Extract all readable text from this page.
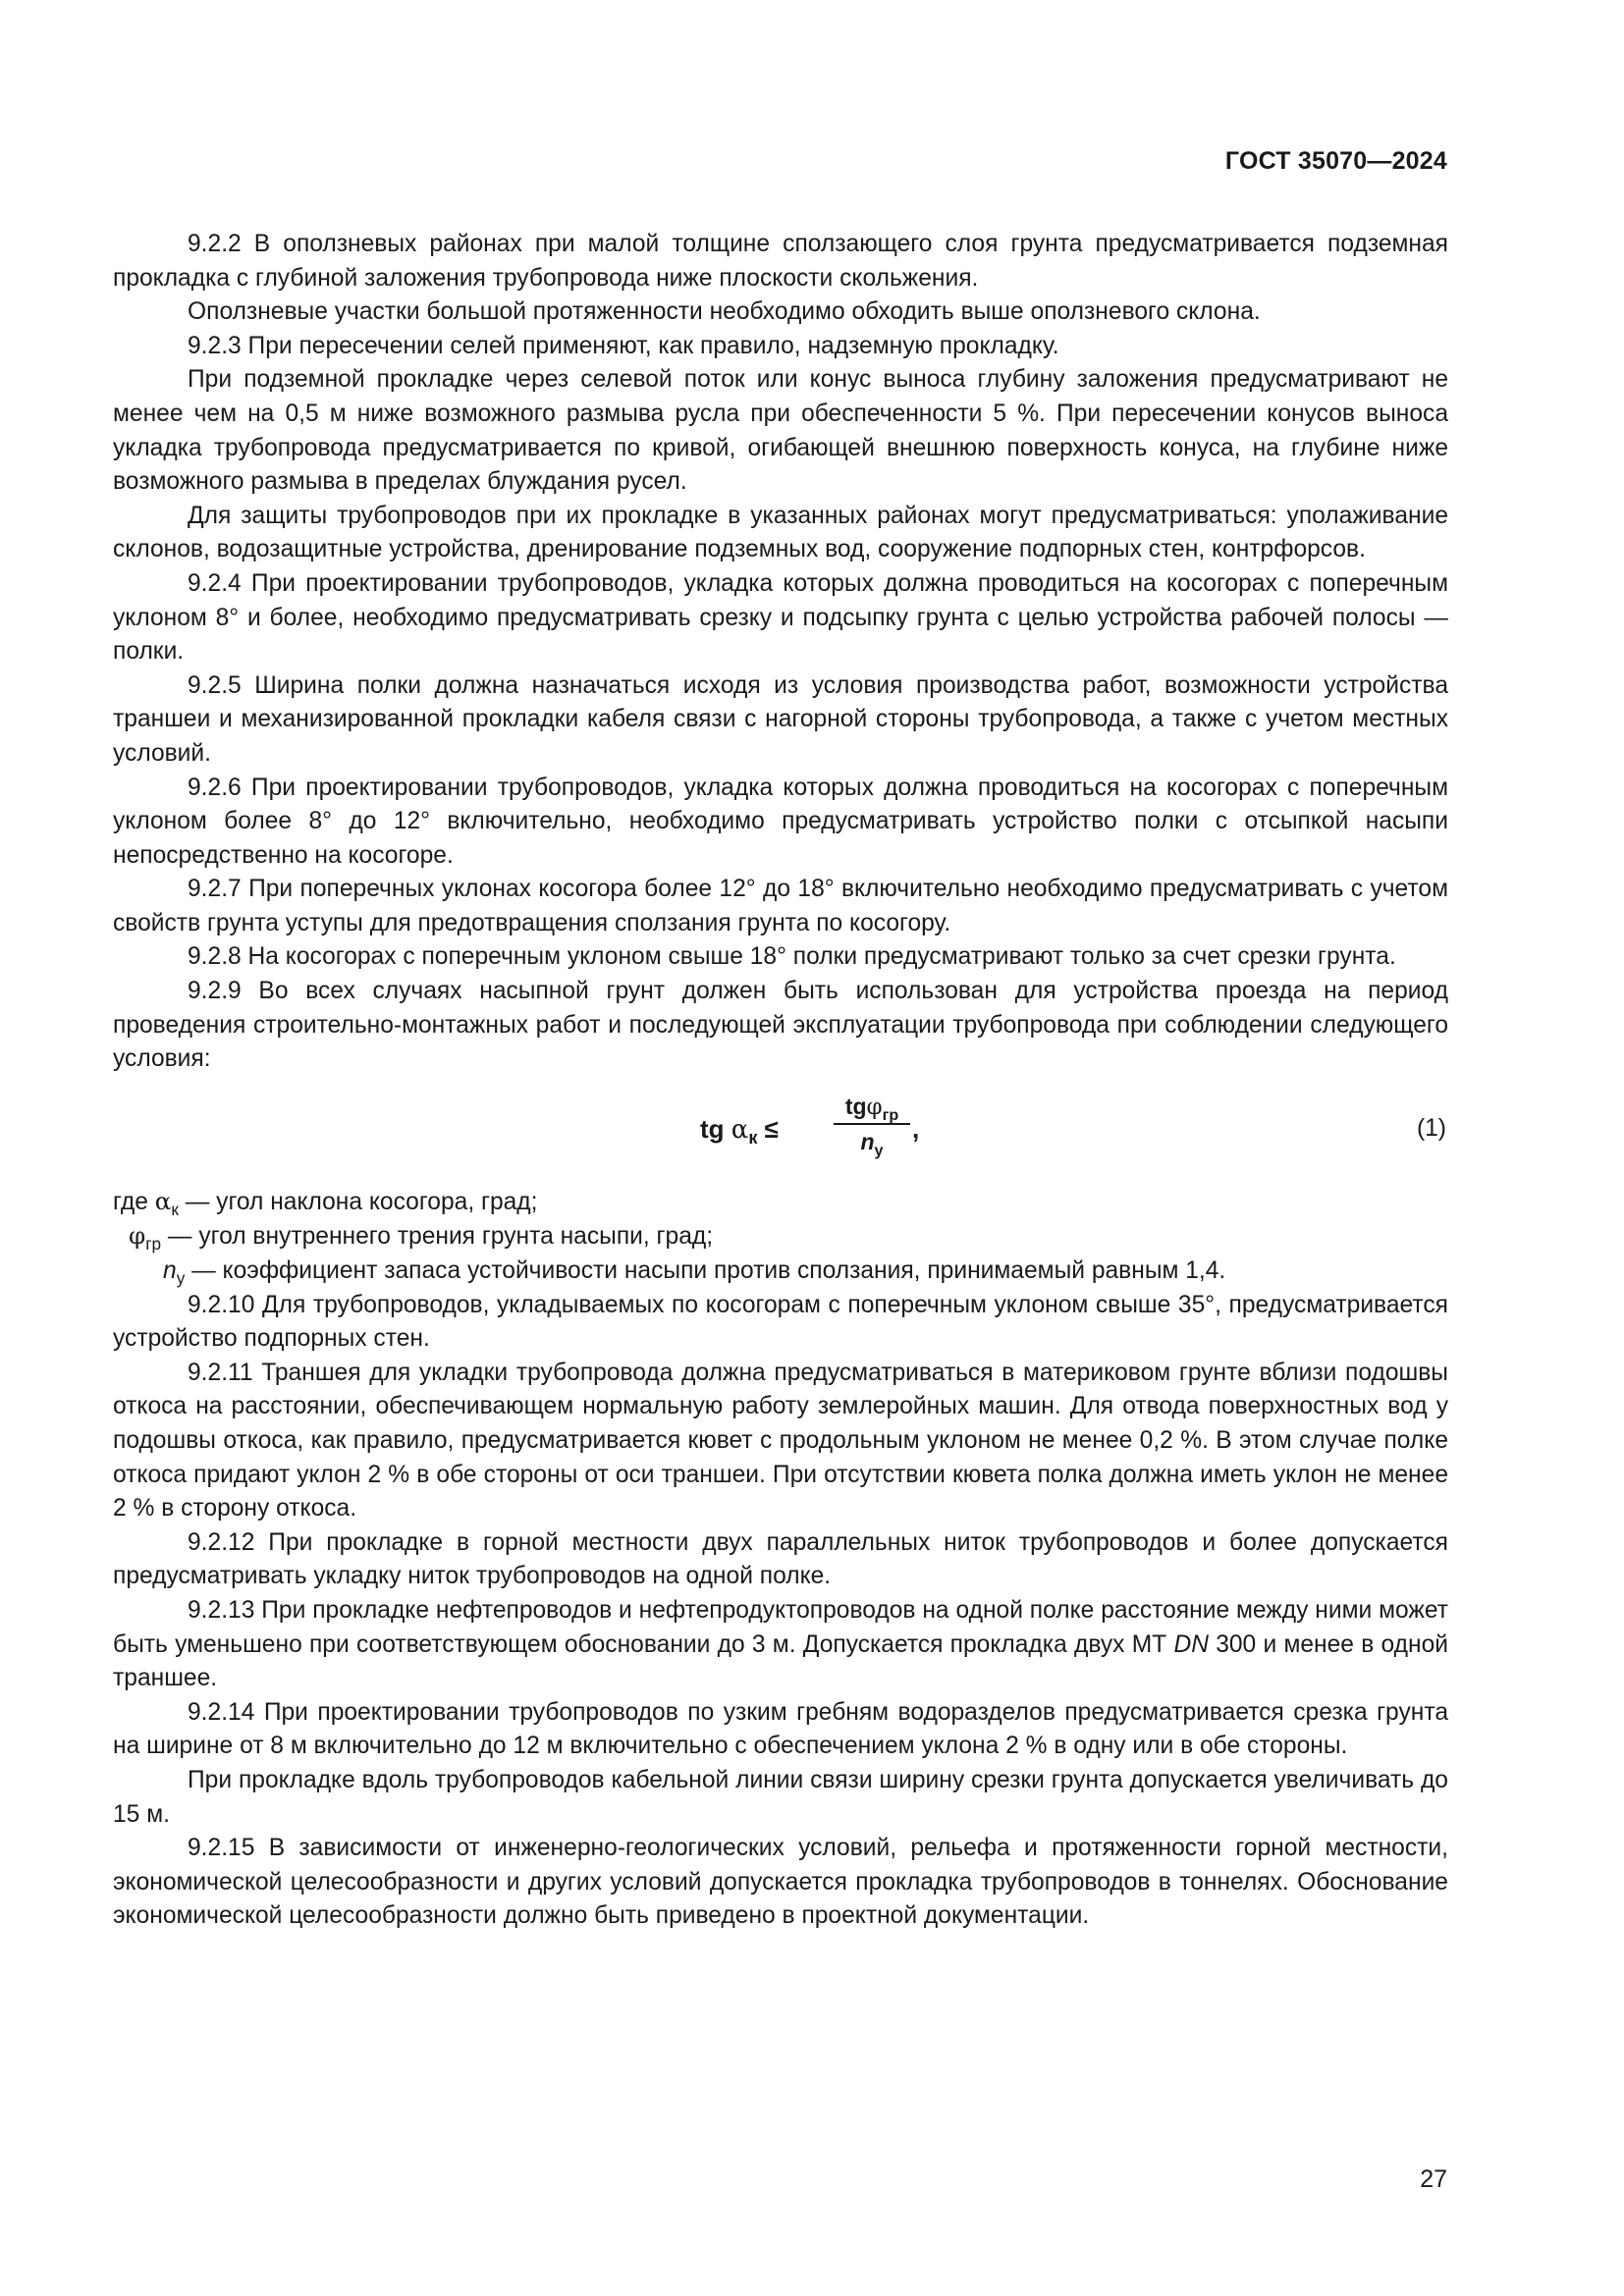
ГОСТ 35070—2024

9.2.2 В оползневых районах при малой толщине сползающего слоя грунта предусматривается подземная прокладка с глубиной заложения трубопровода ниже плоскости скольжения.

Оползневые участки большой протяженности необходимо обходить выше оползневого склона.

9.2.3 При пересечении селей применяют, как правило, надземную прокладку.

При подземной прокладке через селевой поток или конус выноса глубину заложения предусматривают не менее чем на 0,5 м ниже возможного размыва русла при обеспеченности 5 %. При пересечении конусов выноса укладка трубопровода предусматривается по кривой, огибающей внешнюю поверхность конуса, на глубине ниже возможного размыва в пределах блуждания русел.

Для защиты трубопроводов при их прокладке в указанных районах могут предусматриваться: уполаживание склонов, водозащитные устройства, дренирование подземных вод, сооружение подпорных стен, контрфорсов.

9.2.4 При проектировании трубопроводов, укладка которых должна проводиться на косогорах с поперечным уклоном 8° и более, необходимо предусматривать срезку и подсыпку грунта с целью устройства рабочей полосы — полки.

9.2.5 Ширина полки должна назначаться исходя из условия производства работ, возможности устройства траншеи и механизированной прокладки кабеля связи с нагорной стороны трубопровода, а также с учетом местных условий.

9.2.6 При проектировании трубопроводов, укладка которых должна проводиться на косогорах с поперечным уклоном более 8° до 12° включительно, необходимо предусматривать устройство полки с отсыпкой насыпи непосредственно на косогоре.

9.2.7 При поперечных уклонах косогора более 12° до 18° включительно необходимо предусматривать с учетом свойств грунта уступы для предотвращения сползания грунта по косогору.

9.2.8 На косогорах с поперечным уклоном свыше 18° полки предусматривают только за счет срезки грунта.

9.2.9 Во всех случаях насыпной грунт должен быть использован для устройства проезда на период проведения строительно-монтажных работ и последующей эксплуатации трубопровода при соблюдении следующего условия:

tg $\alpha_к$ ≤
tgφ$_{гр}$
$n_у$
,	(1)

где $\alpha_к$ — угол наклона косогора, град;

$\varphi_{гр}$ — угол внутреннего трения грунта насыпи, град;

$n_у$ — коэффициент запаса устойчивости насыпи против сползания, принимаемый равным 1,4.

9.2.10 Для трубопроводов, укладываемых по косогорам с поперечным уклоном свыше 35°, предусматривается устройство подпорных стен.

9.2.11 Траншея для укладки трубопровода должна предусматриваться в материковом грунте вблизи подошвы откоса на расстоянии, обеспечивающем нормальную работу землеройных машин. Для отвода поверхностных вод у подошвы откоса, как правило, предусматривается кювет с продольным уклоном не менее 0,2 %. В этом случае полке откоса придают уклон 2 % в обе стороны от оси траншеи. При отсутствии кювета полка должна иметь уклон не менее 2 % в сторону откоса.

9.2.12 При прокладке в горной местности двух параллельных ниток трубопроводов и более допускается предусматривать укладку ниток трубопроводов на одной полке.

9.2.13 При прокладке нефтепроводов и нефтепродуктопроводов на одной полке расстояние между ними может быть уменьшено при соответствующем обосновании до 3 м. Допускается прокладка двух МТ DN 300 и менее в одной траншее.

9.2.14 При проектировании трубопроводов по узким гребням водоразделов предусматривается срезка грунта на ширине от 8 м включительно до 12 м включительно с обеспечением уклона 2 % в одну или в обе стороны.

При прокладке вдоль трубопроводов кабельной линии связи ширину срезки грунта допускается увеличивать до 15 м.

9.2.15 В зависимости от инженерно-геологических условий, рельефа и протяженности горной местности, экономической целесообразности и других условий допускается прокладка трубопроводов в тоннелях. Обоснование экономической целесообразности должно быть приведено в проектной документации.

27
